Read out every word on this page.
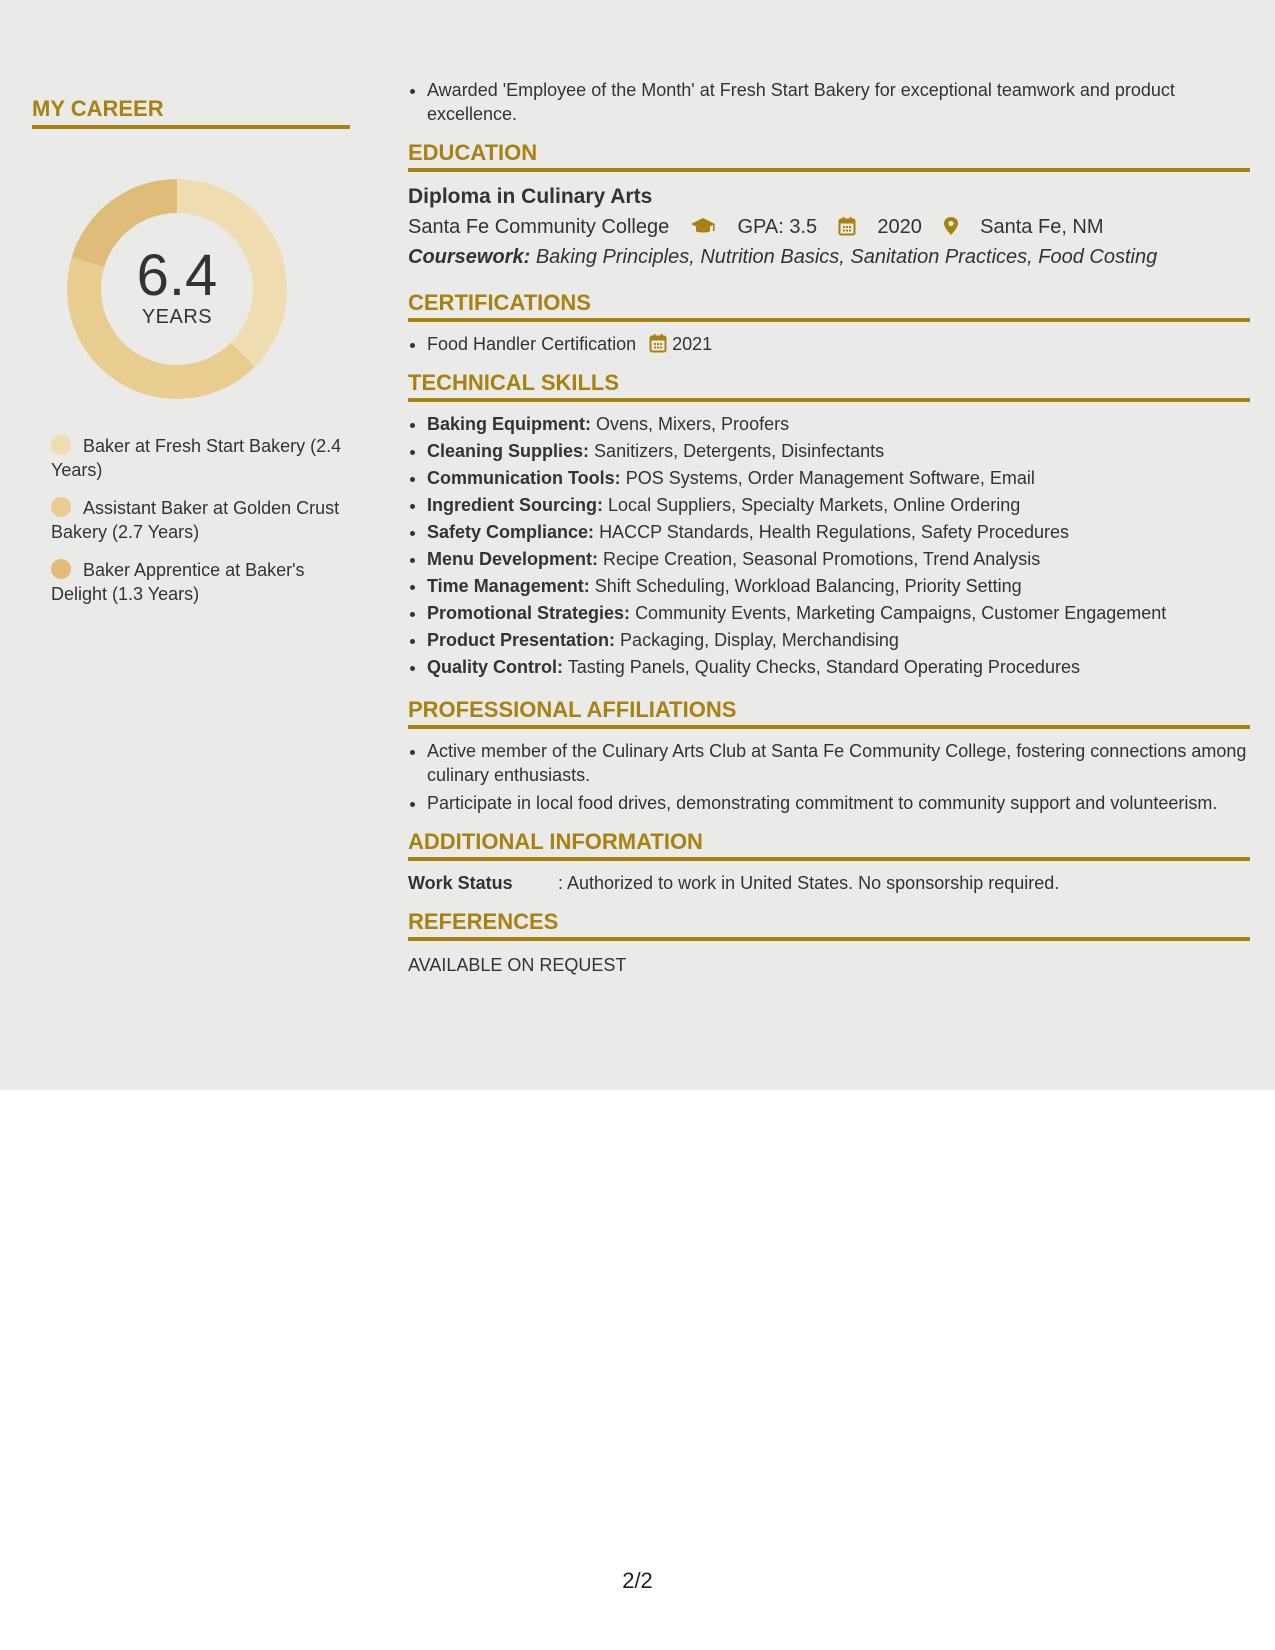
MY CAREER
6.4
YEARS
Baker at Fresh Start Bakery (2.4 Years)
Assistant Baker at Golden Crust Bakery (2.7 Years)
Baker Apprentice at Baker's Delight (1.3 Years)
• Awarded 'Employee of the Month' at Fresh Start Bakery for exceptional teamwork and product excellence.
EDUCATION
Diploma in Culinary Arts
Santa Fe Community College	GPA: 3.5	2020	Santa Fe, NM
Coursework: Baking Principles, Nutrition Basics, Sanitation Practices, Food Costing
CERTIFICATIONS
• Food Handler Certification 2021
TECHNICAL SKILLS
• Baking Equipment: Ovens, Mixers, Proofers
• Cleaning Supplies: Sanitizers, Detergents, Disinfectants
• Communication Tools: POS Systems, Order Management Software, Email
• Ingredient Sourcing: Local Suppliers, Specialty Markets, Online Ordering
• Safety Compliance: HACCP Standards, Health Regulations, Safety Procedures
• Menu Development: Recipe Creation, Seasonal Promotions, Trend Analysis
• Time Management: Shift Scheduling, Workload Balancing, Priority Setting
• Promotional Strategies: Community Events, Marketing Campaigns, Customer Engagement
• Product Presentation: Packaging, Display, Merchandising
• Quality Control: Tasting Panels, Quality Checks, Standard Operating Procedures
PROFESSIONAL AFFILIATIONS
• Active member of the Culinary Arts Club at Santa Fe Community College, fostering connections among culinary enthusiasts.
• Participate in local food drives, demonstrating commitment to community support and volunteerism.
ADDITIONAL INFORMATION
Work Status	: Authorized to work in United States. No sponsorship required.
REFERENCES
AVAILABLE ON REQUEST
2/2
